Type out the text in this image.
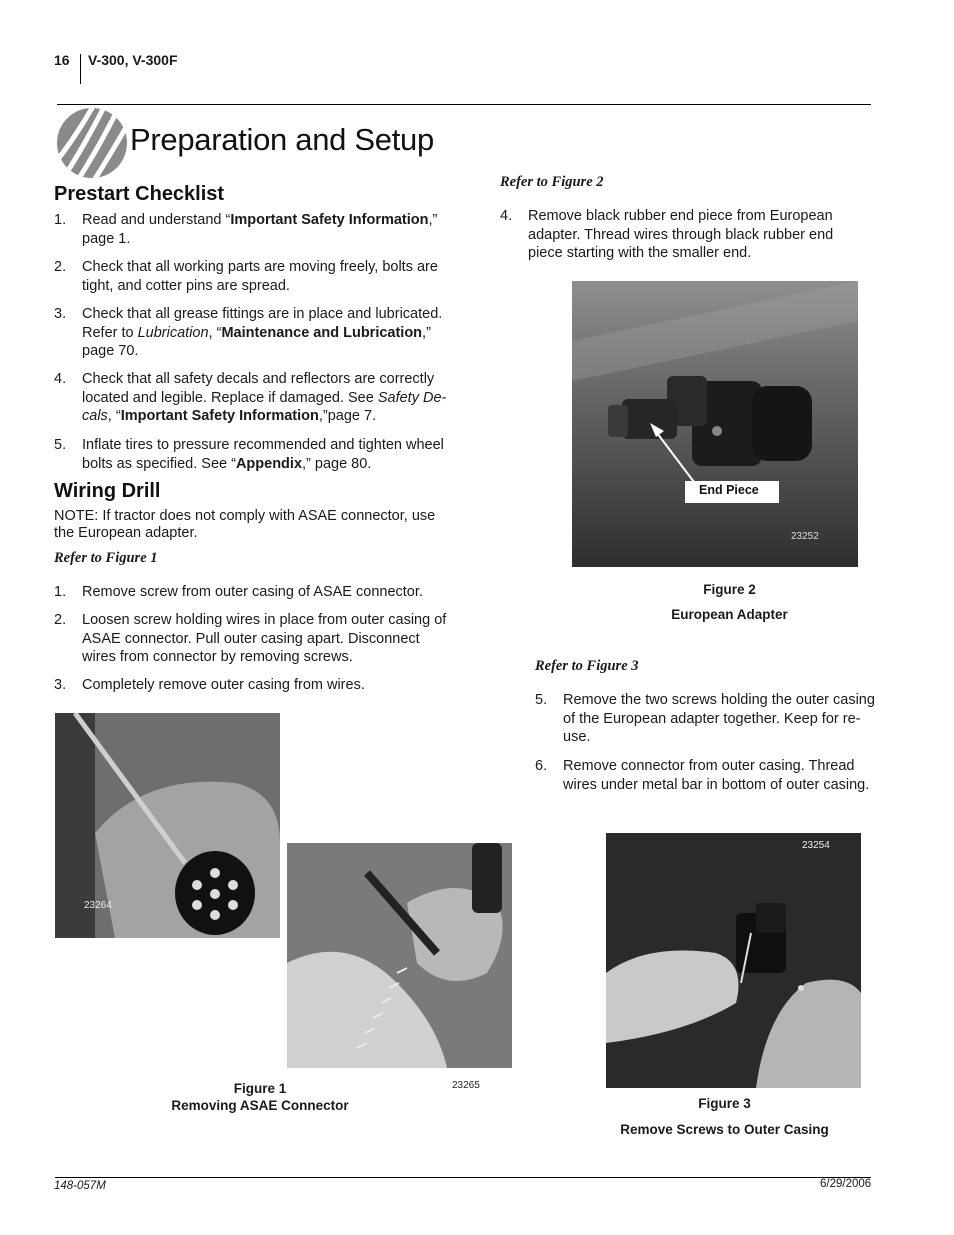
16 V-300, V-300F
Preparation and Setup
Prestart Checklist
1. Read and understand “Important Safety Information,”
page 1.
2. Check that all working parts are moving freely, bolts are
tight, and cotter pins are spread.
3. Check that all grease fittings are in place and lubricated.
Refer to Lubrication, “Maintenance and Lubrication,”
page 70.
4. Check that all safety decals and reflectors are correctly
located and legible. Replace if damaged. See Safety De-
cals, “Important Safety Information,”page 7.
5. Inflate tires to pressure recommended and tighten wheel
bolts as specified. See “Appendix,” page 80.
Wiring Drill
NOTE: If tractor does not comply with ASAE connector, use
the European adapter.
Refer to Figure 1
1. Remove screw from outer casing of ASAE connector.
2. Loosen screw holding wires in place from outer casing of
ASAE connector. Pull outer casing apart. Disconnect
wires from connector by removing screws.
3. Completely remove outer casing from wires.
Refer to Figure 2
4. Remove black rubber end piece from European
adapter. Thread wires through black rubber end
piece starting with the smaller end.
End Piece
23252
Figure 2
European Adapter
Refer to Figure 3
5. Remove the two screws holding the outer casing
of the European adapter together. Keep for re-
use.
6. Remove connector from outer casing. Thread
wires under metal bar in bottom of outer casing.
23264
23265
Figure 1
Removing ASAE Connector
23254
Figure 3
Remove Screws to Outer Casing
148-057M	6/29/2006
